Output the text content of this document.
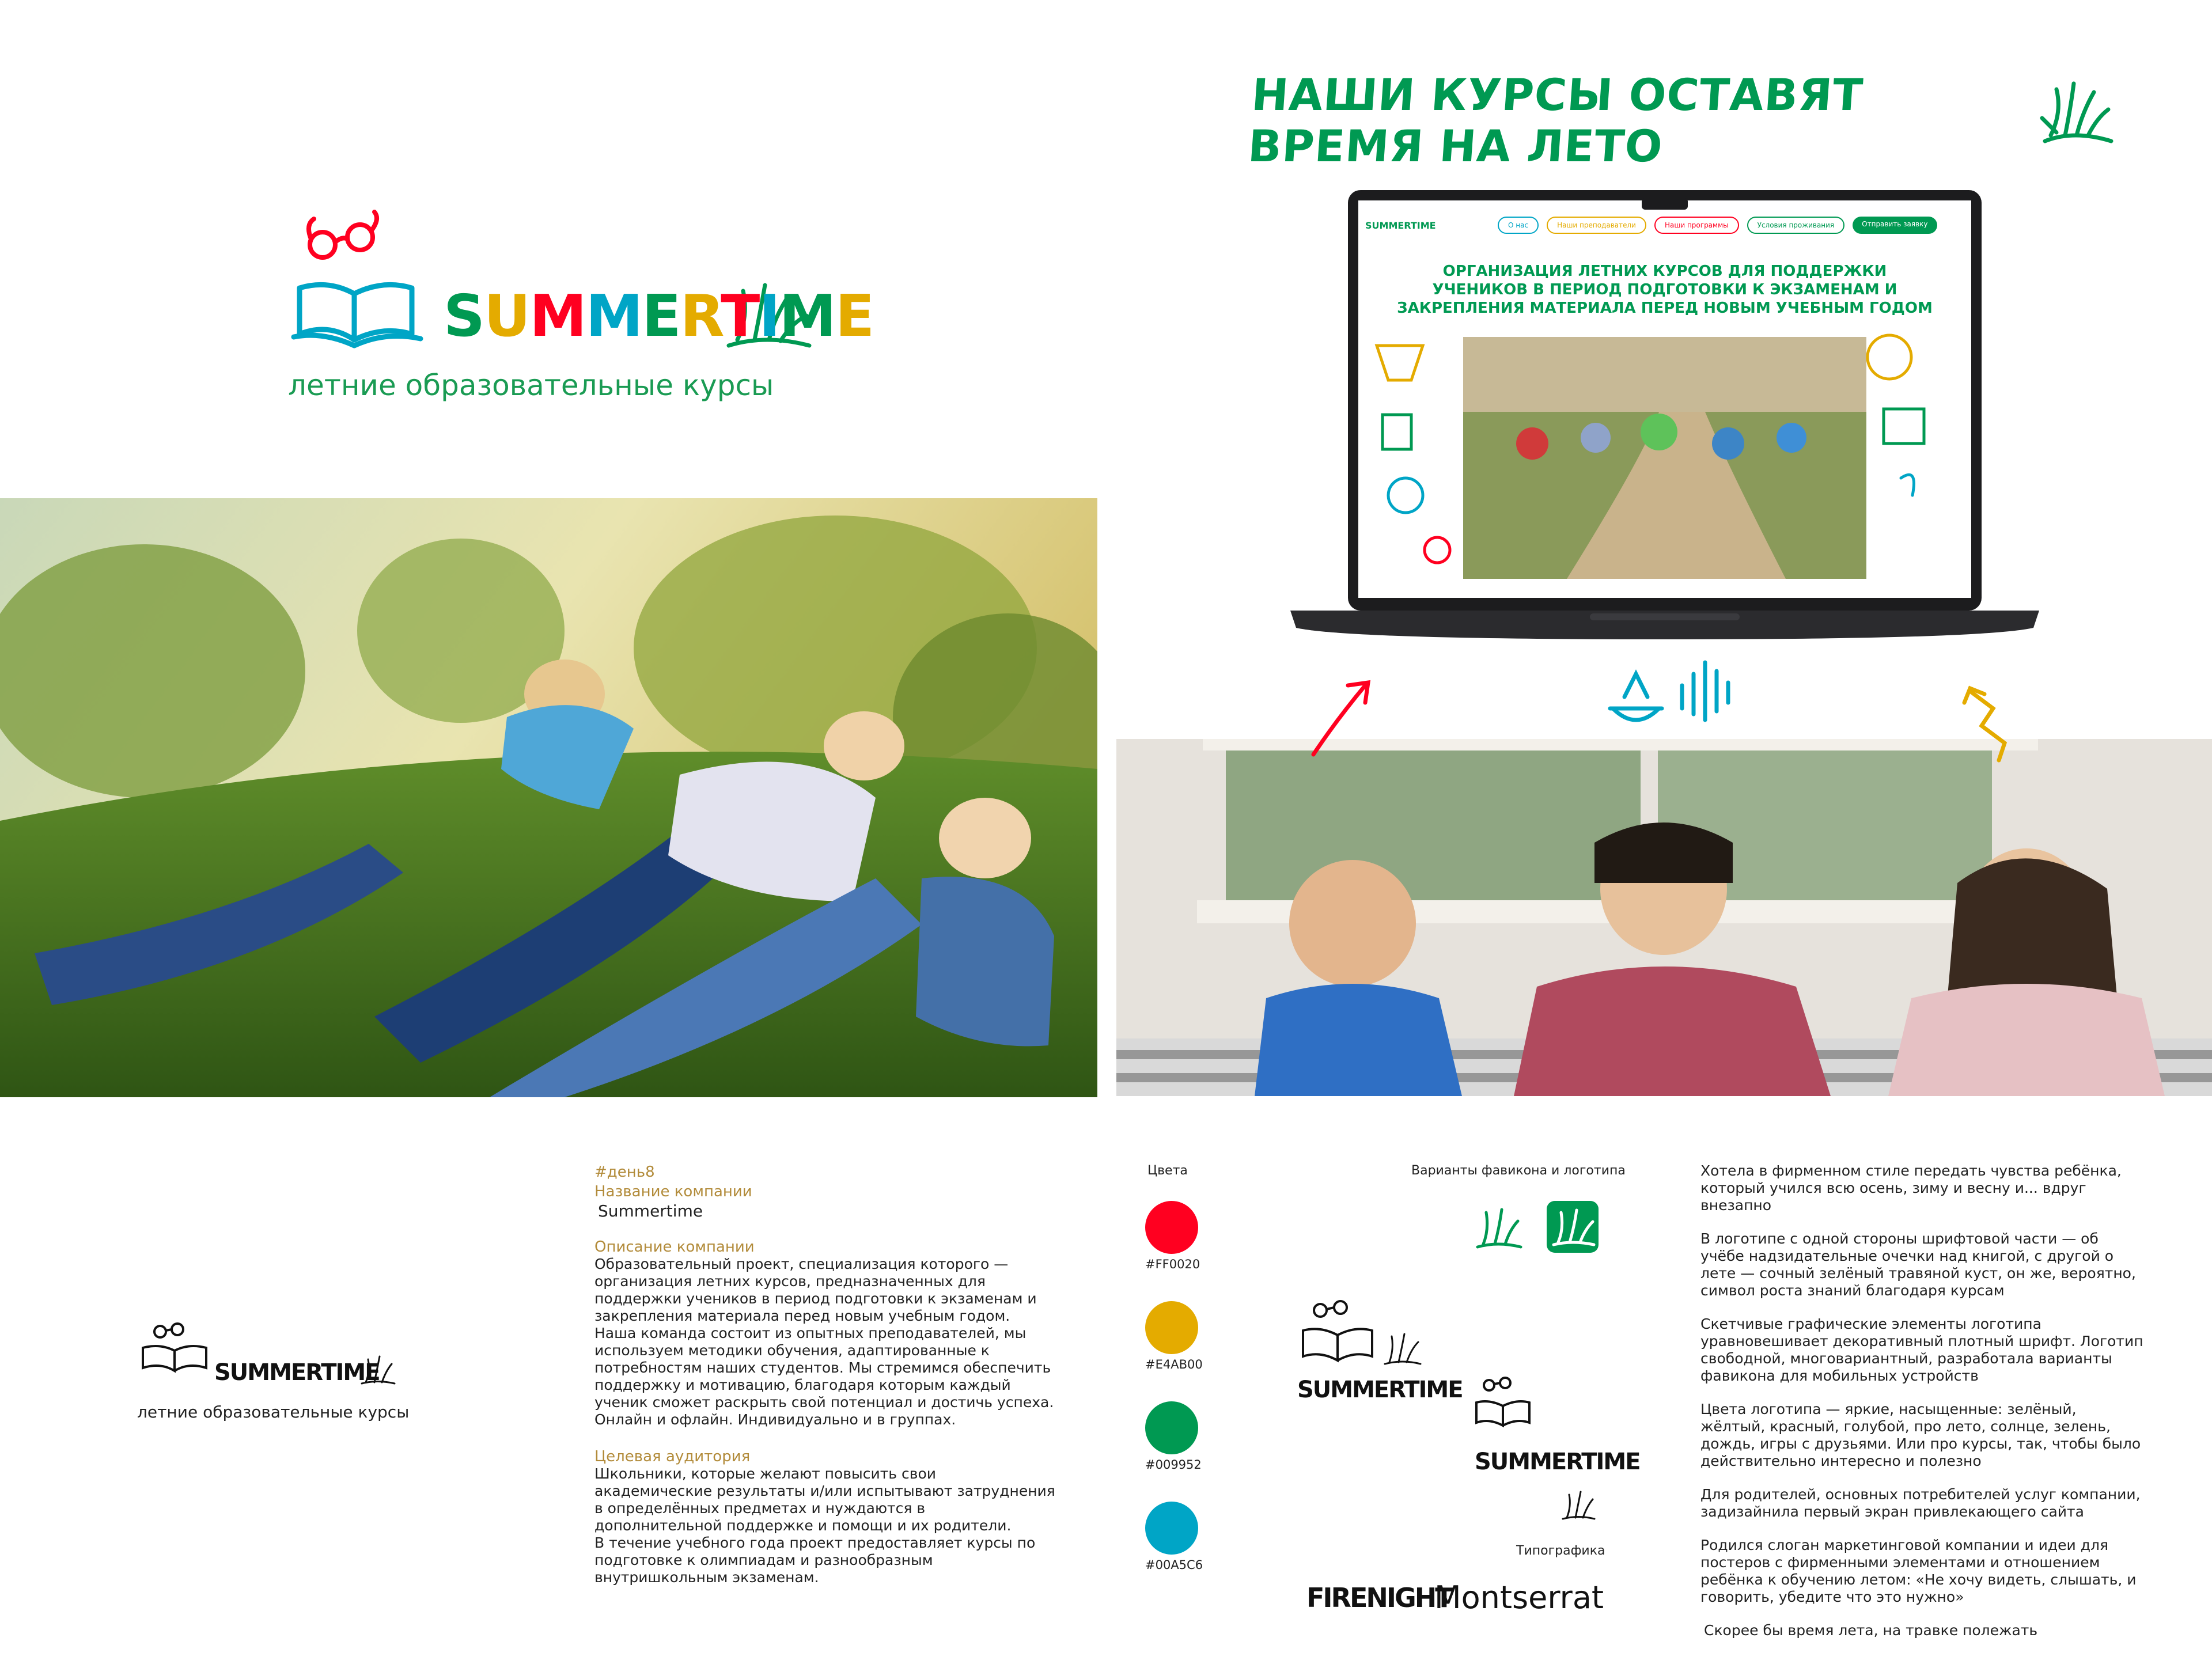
НАШИ КУРСЫ ОСТАВЯТ ВРЕМЯ НА ЛЕТО
SUMMERTIME
летние образовательные курсы
SUMMERTIME	О нас	Наши преподаватели	Наши программы	Условия проживания	Отправить заявку
ОРГАНИЗАЦИЯ ЛЕТНИХ КУРСОВ ДЛЯ ПОДДЕРЖКИ УЧЕНИКОВ В ПЕРИОД ПОДГОТОВКИ К ЭКЗАМЕНАМ И ЗАКРЕПЛЕНИЯ МАТЕРИАЛА ПЕРЕД НОВЫМ УЧЕБНЫМ ГОДОМ
SUMMERTIME
летние образовательные курсы
#день8
Название компании
Summertime
Описание компании
Образовательный проект, специализация которого — организация летних курсов, предназначенных для поддержки учеников в период подготовки к экзаменам и закрепления материала перед новым учебным годом. Наша команда состоит из опытных преподавателей, мы используем методики обучения, адаптированные к потребностям наших студентов. Мы стремимся обеспечить поддержку и мотивацию, благодаря которым каждый ученик сможет раскрыть свой потенциал и достичь успеха.
Онлайн и офлайн. Индивидуально и в группах.
Целевая аудитория
Школьники, которые желают повысить свои академические результаты и/или испытывают затруднения в определённых предметах и нуждаются в дополнительной поддержке и помощи и их родители.
В течение учебного года проект предоставляет курсы по подготовке к олимпиадам и разнообразным внутришкольным экзаменам.
Цвета
#FF0020
#E4AB00
#009952
#00A5C6
Варианты фавикона и логотипа
SUMMERTIME
SUMMERTIME
Типографика
FIRENIGHT
Montserrat
Хотела в фирменном стиле передать чувства ребёнка, который учился всю осень, зиму и весну и... вдруг внезапно
В логотипе с одной стороны шрифтовой части — об учёбе надзидательные очечки над книгой, с другой о лете — сочный зелёный травяной куст, он же, вероятно, символ роста знаний благодаря курсам
Скетчивые графические элементы логотипа уравновешивает декоративный плотный шрифт. Логотип свободной, многовариантный, разработала варианты фавикона для мобильных устройств
Цвета логотипа — яркие, насыщенные: зелёный, жёлтый, красный, голубой, про лето, солнце, зелень, дождь, игры с друзьями. Или про курсы, так, чтобы было действительно интересно и полезно
Для родителей, основных потребителей услуг компании, задизайнила первый экран привлекающего сайта
Родился слоган маркетинговой компании и идеи для постеров с фирменными элементами и отношением ребёнка к обучению летом: «Не хочу видеть, слышать, и говорить, убедите что это нужно»
Скорее бы время лета, на травке полежать
